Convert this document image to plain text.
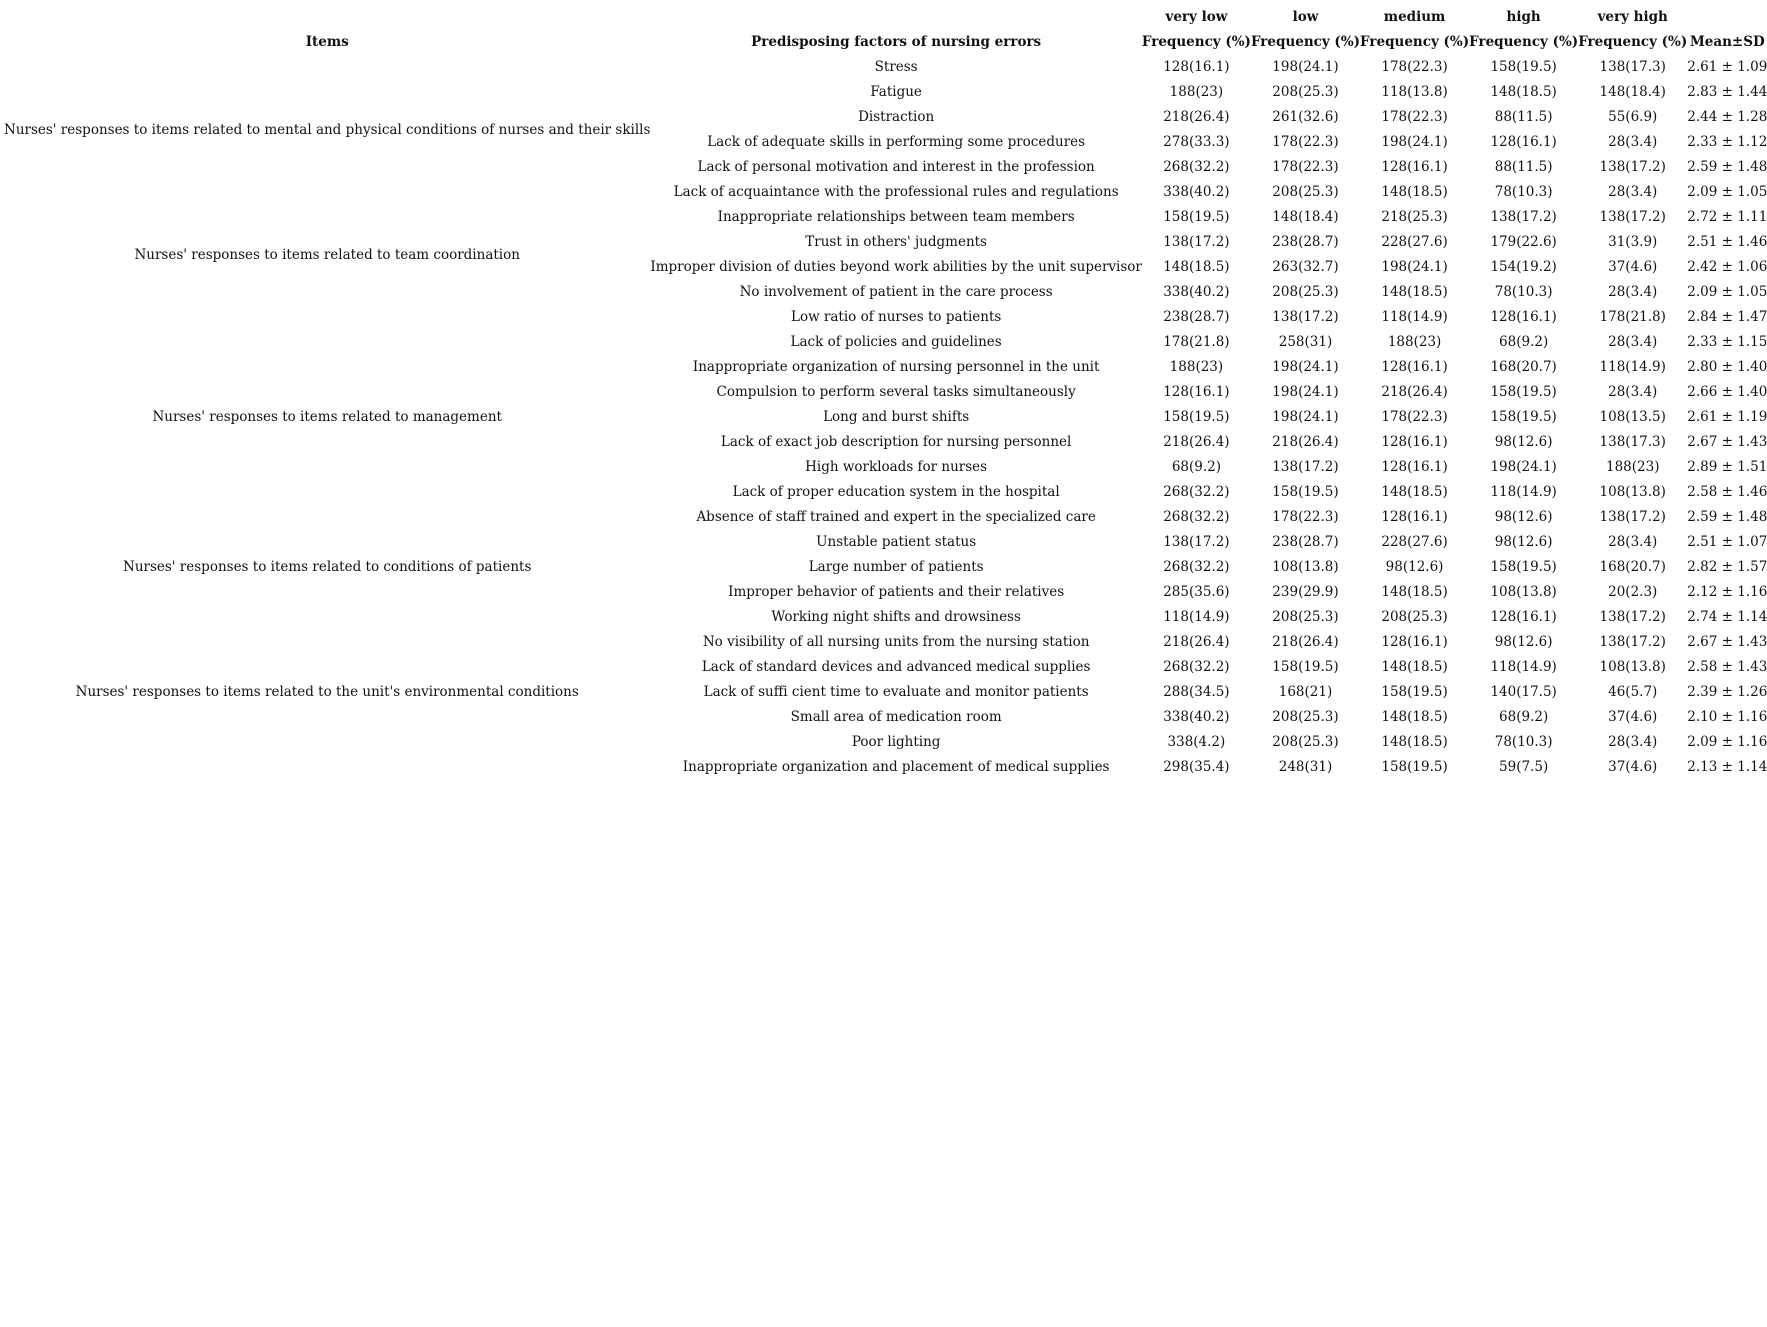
		very low	low	medium	high	very high	
Items	Predisposing factors of nursing errors	Frequency (%)	Frequency (%)	Frequency (%)	Frequency (%)	Frequency (%)	Mean±SD
Nurses' responses to items related to mental and physical conditions of nurses and their skills	Stress	128(16.1)	198(24.1)	178(22.3)	158(19.5)	138(17.3)	2.61 ± 1.09
	Fatigue	188(23)	208(25.3)	118(13.8)	148(18.5)	148(18.4)	2.83 ± 1.44
	Distraction	218(26.4)	261(32.6)	178(22.3)	88(11.5)	55(6.9)	2.44 ± 1.28
	Lack of adequate skills in performing some procedures	278(33.3)	178(22.3)	198(24.1)	128(16.1)	28(3.4)	2.33 ± 1.12
	Lack of personal motivation and interest in the profession	268(32.2)	178(22.3)	128(16.1)	88(11.5)	138(17.2)	2.59 ± 1.48
	Lack of acquaintance with the professional rules and regulations	338(40.2)	208(25.3)	148(18.5)	78(10.3)	28(3.4)	2.09 ± 1.05
Nurses' responses to items related to team coordination	Inappropriate relationships between team members	158(19.5)	148(18.4)	218(25.3)	138(17.2)	138(17.2)	2.72 ± 1.11
	Trust in others' judgments	138(17.2)	238(28.7)	228(27.6)	179(22.6)	31(3.9)	2.51 ± 1.46
	Improper division of duties beyond work abilities by the unit supervisor	148(18.5)	263(32.7)	198(24.1)	154(19.2)	37(4.6)	2.42 ± 1.06
	No involvement of patient in the care process	338(40.2)	208(25.3)	148(18.5)	78(10.3)	28(3.4)	2.09 ± 1.05
Nurses' responses to items related to management	Low ratio of nurses to patients	238(28.7)	138(17.2)	118(14.9)	128(16.1)	178(21.8)	2.84 ± 1.47
	Lack of policies and guidelines	178(21.8)	258(31)	188(23)	68(9.2)	28(3.4)	2.33 ± 1.15
	Inappropriate organization of nursing personnel in the unit	188(23)	198(24.1)	128(16.1)	168(20.7)	118(14.9)	2.80 ± 1.40
	Compulsion to perform several tasks simultaneously	128(16.1)	198(24.1)	218(26.4)	158(19.5)	28(3.4)	2.66 ± 1.40
	Long and burst shifts	158(19.5)	198(24.1)	178(22.3)	158(19.5)	108(13.5)	2.61 ± 1.19
	Lack of exact job description for nursing personnel	218(26.4)	218(26.4)	128(16.1)	98(12.6)	138(17.3)	2.67 ± 1.43
	High workloads for nurses	68(9.2)	138(17.2)	128(16.1)	198(24.1)	188(23)	2.89 ± 1.51
	Lack of proper education system in the hospital	268(32.2)	158(19.5)	148(18.5)	118(14.9)	108(13.8)	2.58 ± 1.46
	Absence of staff trained and expert in the specialized care	268(32.2)	178(22.3)	128(16.1)	98(12.6)	138(17.2)	2.59 ± 1.48
Nurses' responses to items related to conditions of patients	Unstable patient status	138(17.2)	238(28.7)	228(27.6)	98(12.6)	28(3.4)	2.51 ± 1.07
	Large number of patients	268(32.2)	108(13.8)	98(12.6)	158(19.5)	168(20.7)	2.82 ± 1.57
	Improper behavior of patients and their relatives	285(35.6)	239(29.9)	148(18.5)	108(13.8)	20(2.3)	2.12 ± 1.16
Nurses' responses to items related to the unit's environmental conditions	Working night shifts and drowsiness	118(14.9)	208(25.3)	208(25.3)	128(16.1)	138(17.2)	2.74 ± 1.14
	No visibility of all nursing units from the nursing station	218(26.4)	218(26.4)	128(16.1)	98(12.6)	138(17.2)	2.67 ± 1.43
	Lack of standard devices and advanced medical supplies	268(32.2)	158(19.5)	148(18.5)	118(14.9)	108(13.8)	2.58 ± 1.43
	Lack of suffi cient time to evaluate and monitor patients	288(34.5)	168(21)	158(19.5)	140(17.5)	46(5.7)	2.39 ± 1.26
	Small area of medication room	338(40.2)	208(25.3)	148(18.5)	68(9.2)	37(4.6)	2.10 ± 1.16
	Poor lighting	338(4.2)	208(25.3)	148(18.5)	78(10.3)	28(3.4)	2.09 ± 1.16
	Inappropriate organization and placement of medical supplies	298(35.4)	248(31)	158(19.5)	59(7.5)	37(4.6)	2.13 ± 1.14
